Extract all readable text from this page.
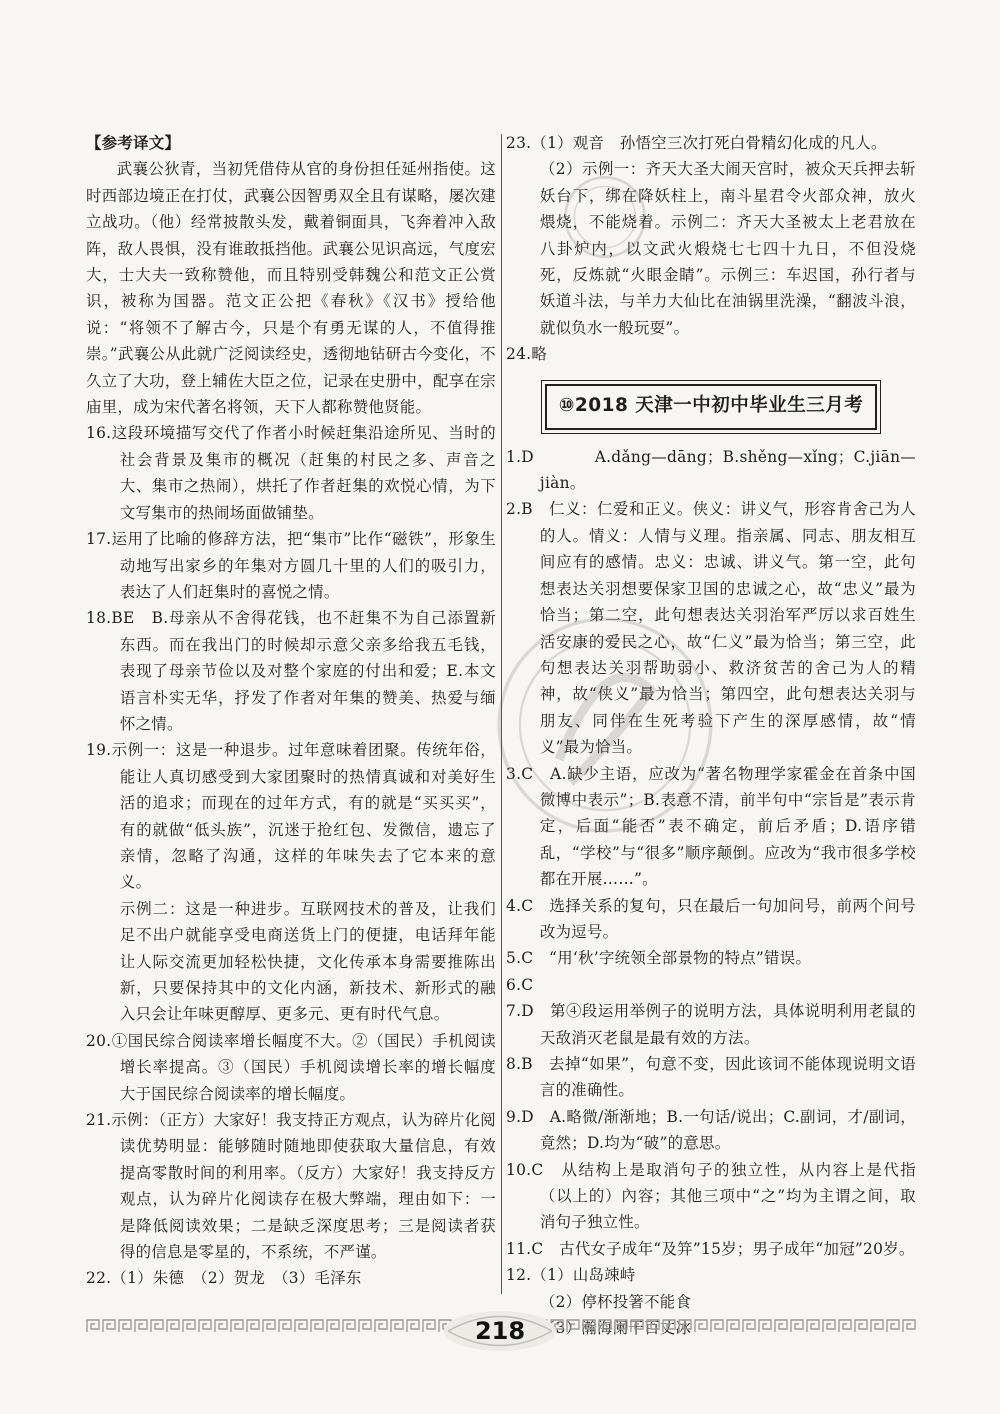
【参考译文】
武襄公狄青，当初凭借侍从官的身份担任延州指使。这时西部边境正在打仗，武襄公因智勇双全且有谋略，屡次建立战功。（他）经常披散头发，戴着铜面具，飞奔着冲入敌阵，敌人畏惧，没有谁敢抵挡他。武襄公见识高远，气度宏大，士大夫一致称赞他，而且特别受韩魏公和范文正公赏识，被称为国器。范文正公把《春秋》《汉书》授给他说：“将领不了解古今，只是个有勇无谋的人，不值得推崇。”武襄公从此就广泛阅读经史，透彻地钻研古今变化，不久立了大功，登上辅佐大臣之位，记录在史册中，配享在宗庙里，成为宋代著名将领，天下人都称赞他贤能。
16.这段环境描写交代了作者小时候赶集沿途所见、当时的社会背景及集市的概况（赶集的村民之多、声音之大、集市之热闹），烘托了作者赶集的欢悦心情，为下文写集市的热闹场面做铺垫。
17.运用了比喻的修辞方法，把“集市”比作“磁铁”，形象生动地写出家乡的年集对方圆几十里的人们的吸引力，表达了人们赶集时的喜悦之情。
18.BE　B.母亲从不舍得花钱，也不赶集不为自己添置新东西。而在我出门的时候却示意父亲多给我五毛钱，表现了母亲节俭以及对整个家庭的付出和爱；E.本文语言朴实无华，抒发了作者对年集的赞美、热爱与缅怀之情。
19.示例一：这是一种退步。过年意味着团聚。传统年俗，能让人真切感受到大家团聚时的热情真诚和对美好生活的追求；而现在的过年方式，有的就是“买买买”，有的就做“低头族”，沉迷于抢红包、发微信，遗忘了亲情，忽略了沟通，这样的年味失去了它本来的意义。
示例二：这是一种进步。互联网技术的普及，让我们足不出户就能享受电商送货上门的便捷，电话拜年能让人际交流更加轻松快捷，文化传承本身需要推陈出新，只要保持其中的文化内涵，新技术、新形式的融入只会让年味更醇厚、更多元、更有时代气息。
20.①国民综合阅读率增长幅度不大。②（国民）手机阅读增长率提高。③（国民）手机阅读增长率的增长幅度大于国民综合阅读率的增长幅度。
21.示例：（正方）大家好！我支持正方观点，认为碎片化阅读优势明显：能够随时随地即使获取大量信息，有效提高零散时间的利用率。（反方）大家好！我支持反方观点，认为碎片化阅读存在极大弊端，理由如下：一是降低阅读效果；二是缺乏深度思考；三是阅读者获得的信息是零星的，不系统，不严谨。
22.（1）朱德　（2）贺龙　（3）毛泽东
23.（1）观音　孙悟空三次打死白骨精幻化成的凡人。
（2）示例一：齐天大圣大闹天宫时，被众天兵押去斩妖台下，绑在降妖柱上，南斗星君令火部众神，放火煨烧，不能烧着。示例二：齐天大圣被太上老君放在八卦炉内，以文武火煅烧七七四十九日，不但没烧死，反炼就“火眼金睛”。示例三：车迟国，孙行者与妖道斗法，与羊力大仙比在油锅里洗澡，“翻波斗浪，就似负水一般玩耍”。
24.略
⑩2018 天津一中初中毕业生三月考
1.D　A.dǎng—dāng；B.shěng—xǐng；C.jiān—jiàn。
2.B　仁义：仁爱和正义。侠义：讲义气，形容肯舍己为人的人。情义：人情与义理。指亲属、同志、朋友相互间应有的感情。忠义：忠诚、讲义气。第一空，此句想表达关羽想要保家卫国的忠诚之心，故“忠义”最为恰当；第二空，此句想表达关羽治军严厉以求百姓生活安康的爱民之心，故“仁义”最为恰当；第三空，此句想表达关羽帮助弱小、救济贫苦的舍己为人的精神，故“侠义”最为恰当；第四空，此句想表达关羽与朋友、同伴在生死考验下产生的深厚感情，故“情义”最为恰当。
3.C　A.缺少主语，应改为“著名物理学家霍金在首条中国微博中表示”；B.表意不清，前半句中“宗旨是”表示肯定，后面“能否”表不确定，前后矛盾；D.语序错乱，“学校”与“很多”顺序颠倒。应改为“我市很多学校都在开展……”。
4.C　选择关系的复句，只在最后一句加问号，前两个问号改为逗号。
5.C　“用‘秋’字统领全部景物的特点”错误。
6.C
7.D　第④段运用举例子的说明方法，具体说明利用老鼠的天敌消灭老鼠是最有效的方法。
8.B　去掉“如果”，句意不变，因此该词不能体现说明文语言的准确性。
9.D　A.略微/渐渐地；B.一句话/说出；C.副词，才/副词，竟然；D.均为“破”的意思。
10.C　从结构上是取消句子的独立性，从内容上是代指（以上的）內容；其他三项中“之”均为主谓之间，取消句子独立性。
11.C　古代女子成年“及笄”15岁；男子成年“加冠”20岁。
12.（1）山岛竦峙
（2）停杯投箸不能食
218
